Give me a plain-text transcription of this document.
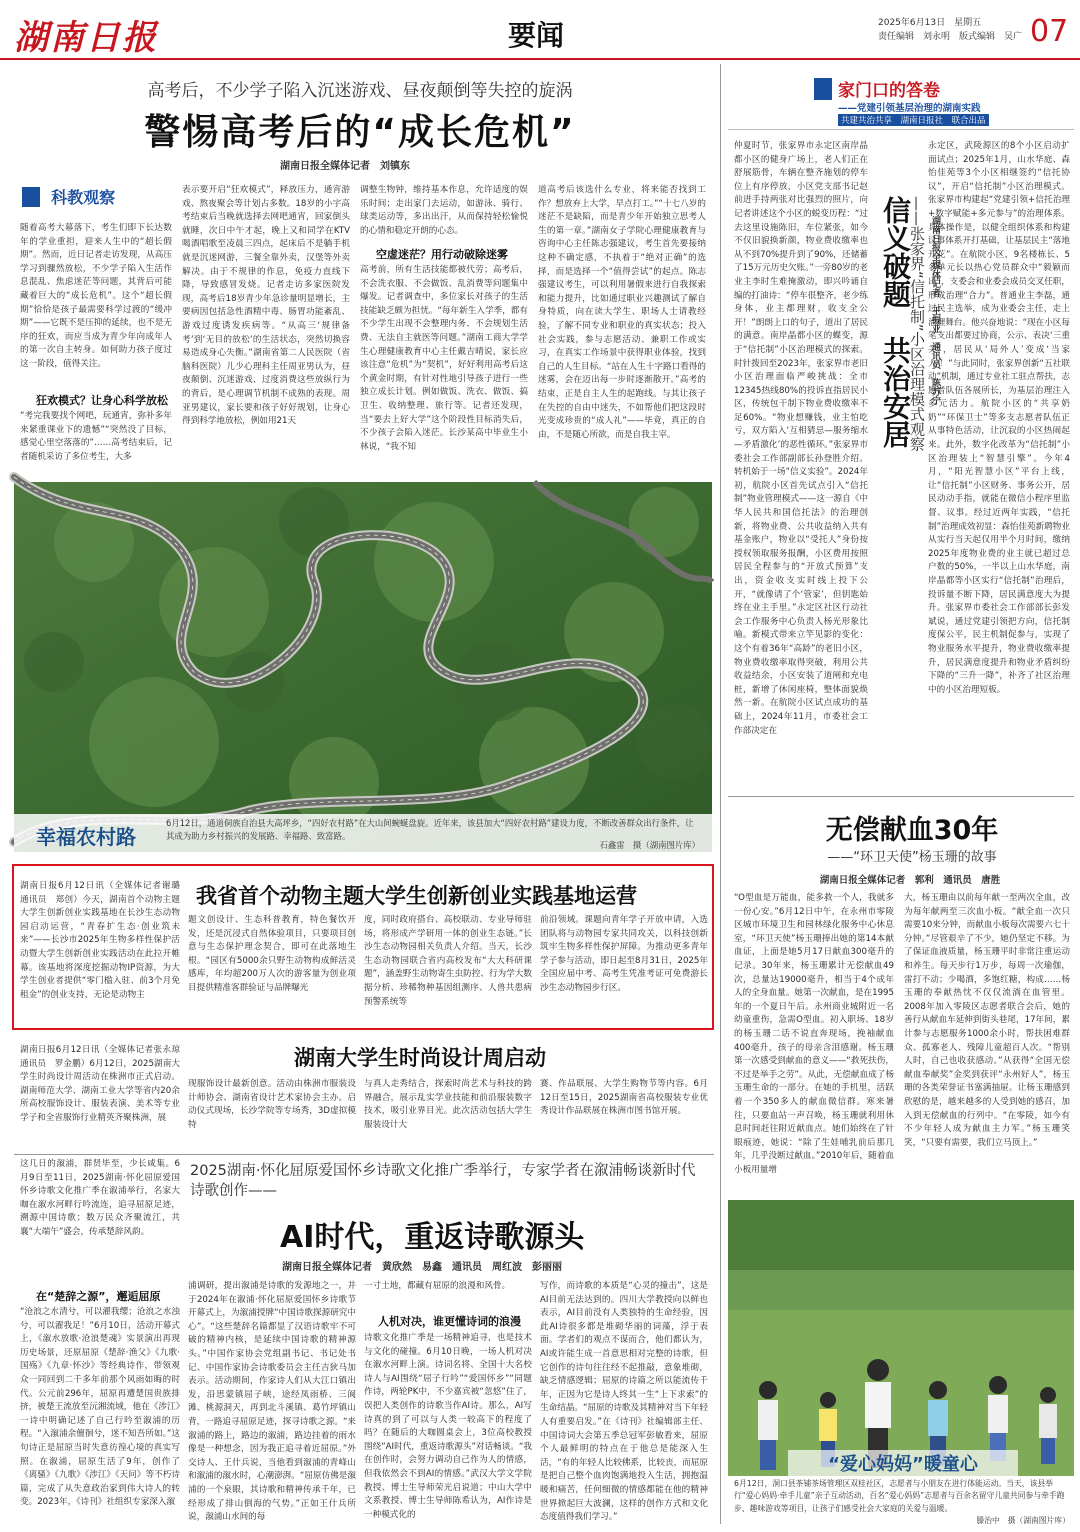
湖南日报	要闻	2025年6月13日　星期五
责任编辑　刘永明　版式编辑　吴广 07
高考后，不少学子陷入沉迷游戏、昼夜颠倒等失控的旋涡
警惕高考后的“成长危机”
湖南日报全媒体记者　刘镇东
科教观察
随着高考大幕落下，考生们即下长达数年的学业重担，迎来人生中的“超长假期”。然而，近日记者走访发现，从高压学习到骤然放松，不少学子陷入生活作息混乱、焦虑迷茫等问题，其背后可能藏着巨大的“成长危机”。这个“超长假期”恰恰是孩子最需要科学过渡的“缓冲期”——它既不是压抑的延续，也不是无序的狂欢，而应当成为青少年向成年人的第一次自主转身。如何助力孩子度过这一阶段，值得关注。
狂欢模式？让身心科学放松
“考完我要找个网吧，玩通宵，弥补多年来紧重课业下的遗憾”“突然没了目标，感觉心里空落落的”……高考结束后，记者随机采访了多位考生，大多
表示要开启“狂欢模式”，释放压力，通宵游戏、熬夜聚会等计划占多数。18岁的小宇高考结束后当晚就选择去网吧通宵，回家倒头就睡，次日中午才起，晚上又和同学在KTV喝酒唱歌至凌晨三四点，起床后不是躺手机就是沉迷网游，三餐全靠外卖，汉堡等外卖解决。由于不规律的作息，免疫力直线下降，导致感冒发烧。记者走访多家医院发现，高考后18岁青少年急诊量明显增长，主要病因包括急性酒精中毒、肠胃功能紊乱、游戏过度诱发疾病等。“从高三‘规律备考’到‘无目的放松’的生活状态，突然切换容易造成身心失衡。”湖南省第二人民医院（省脑科医院）儿少心理科主任周亚男认为，昼夜颠倒、沉迷游戏、过度消费这些放纵行为的背后，是心理调节机制不成熟的表现。周亚男建议，家长要和孩子好好规划，让身心得到科学地放松，例如用21天
调整生物钟，维持基本作息，允许适度的娱乐时间；走出家门去运动，如游泳、骑行、球类运动等，多出出汗，从而保持轻松愉悦的心情和稳定开朗的心态。
空虚迷茫？用行动破除迷雾
高考前，所有生活技能都被代劳；高考后，不会洗衣服、不会做饭、乱消费等问题集中爆发。记者调查中，多位家长对孩子的生活技能缺乏颇为担忧。“每年新生入学季，都有不少学生出现不会整理内务、不会规划生活费、无法自主就医等问题。”湖南工商大学学生心理健康教育中心主任戴吉晴说，家长应该注意“危机”为“契机”，好好利用高考后这个黄金时期，有针对性地引导孩子进行一些独立成长计划。例如做饭、洗衣、做饭、搞卫生、收纳整理、旅行等。记者还发现，当“要去上好大学”这个阶段性目标消失后，不少孩子会陷入迷茫。长沙某高中毕业生小林说，“我不知
道高考后该选什么专业，将来能否找到工作？想放弃上大学，早点打工。”“十七八岁的迷茫不是缺陷，而是青少年开始独立思考人生的第一章。”湖南女子学院心理健康教育与咨询中心主任陈志强建议，考生首先要接纳这种不确定感，不执着于“绝对正确”的选择，而是选择一个“值得尝试”的起点。陈志强建议考生，可以利用暑假来进行自我探索和能力提升，比如通过职业兴趣测试了解自身特质，向在读大学生、职场人士请教经验，了解不同专业和职业的真实状态；投入社会实践，参与志愿活动、兼职工作或实习，在真实工作场景中获得职业体验，找到自己的人生目标。“站在人生十字路口看得的迷雾，会在迈出每一步时逐渐散开。”高考的结束，正是自主人生的起跑线。与其让孩子在失控的自由中迷失，不如帮他们把这段时光变成珍贵的“成人礼”——毕竟，真正的自由，不是随心所欲，而是自我主宰。
幸福农村路
6月12日，通道侗族自治县大高坪乡，“四好农村路”在大山间蜿蜒盘旋。近年来，该县加大“四好农村路”建设力度，不断改善群众出行条件，让其成为助力乡村振兴的发展路、幸福路、致富路。
石鑫雷　摄（湖南图片库）
我省首个动物主题大学生创新创业实践基地运营
湖南日报6月12日讯（全媒体记者谢璐　通讯员　郑创）今天，湖南首个动物主题大学生创新创业实践基地在长沙生态动物园启动运营，“青春扩生态·创业筑未来”——长沙市2025年生物多样性保护活动暨大学生创新创业实践活动在此拉开帷幕。该基地将深度挖掘动物IP资源，为大学生创业者提供“零门槛入驻、前3个月免租金”的创业支持，无论是动物主
题文创设计、生态科普教育，特色餐饮开发，还是沉浸式自然体验项目，只要项目创意与生态保护理念契合，即可在此落地生根。“园区有5000余只野生动物构成鲜活灵感库，年均超200万人次的游客量为创业项目提供精准客群验证与品牌曝光
度，同时政府搭台、高校联动、专业导师驻场，将形成产学研用一体的创业生态链。”长沙生态动物园相关负责人介绍。当天，长沙生态动物园联合省内高校发布“大大科研课题”，涵盖野生动物寄生虫防控、行为学大数据分析、珍稀物种基因组测序、人兽共患病预警系统等
前沿领域。课题向青年学子开放申请，入选团队将与动物园专家共同攻关，以科技创新筑牢生物多样性保护屏障。为推动更多青年学子参与活动，即日起至8月31日，2025年全国应届中考、高考生凭准考证可免费游长沙生态动物园步行区。
湖南大学生时尚设计周启动
湖南日报6月12日讯（全媒体记者张永琼　通讯员　罗金鹏）6月12日，2025湖南大学生时尚设计周活动在株洲市正式启动。湖南师范大学、湖南工业大学等省内20余所高校服饰设计、服装表演、美术等专业学子和全省服饰行业精英齐聚株洲，展
现服饰设计最新创意。活动由株洲市服装设计师协会、湖南省设计艺术家协会主办。启动仪式现场，长沙学院等专场秀，3D虚拟模特
与真人走秀结合，探索时尚艺术与科技的跨界融合，展示乱实学业技能和前沿服装数字技术，吸引业界目光。此次活动包括大学生服装设计大
赛、作品联展、大学生购物节等内容。6月12日至15日，2025湖南省高校服装专业优秀设计作品联展在株洲市图书馆开展。
2025湖南·怀化屈原爱国怀乡诗歌文化推广季举行，专家学者在溆浦畅谈新时代诗歌创作——
AI时代，重返诗歌源头
湖南日报全媒体记者　黄欣然　易鑫　通讯员　周红波　彭丽丽
这几日的溆浦，群贤毕至，少长咸集。6月9日至11日，2025湖南·怀化屈原爱国怀乡诗歌文化推广季在溆浦举行，名家大咖在溆水河畔行吟流连，追寻屈原足迹，溯源中国诗歌；数万民众齐聚流江，共襄“大端午”盛会，传承楚辞风韵。
在“楚辞之源”，邂逅屈原
“沧浪之水清兮，可以濯我缨；沧浪之水浊兮，可以濯我足！”6月10日，活动开幕式上，《溆水放歌·沧浪楚魂》实景演出再现历史场景，还原屈原《楚辞·渔父》《九歌·国殇》《九章·怀沙》等经典诗作，带领观众一同回到二千多年前那个风雨如晦的时代。公元前296年，屈原再遭楚国贵族排挤，被楚王流放至沅湘流域，他在《涉江》一诗中明确记述了自己行吟至溆浦的历程。“入溆浦余儃徊兮，迷不知吾所如。”这句诗正是屈原当时失意彷徨心境的真实写照。在溆浦，屈原生活了9年，创作了《离骚》《九歌》《涉江》《天问》等不朽诗篇，完成了从失意政治家到伟大诗人的转变。2023年，《诗刊》社组织专家深入溆
浦调研，提出溆浦是诗歌的发源地之一，并于2024年在溆浦·怀化屈原爱国怀乡诗歌节开幕式上，为溆浦授牌“中国诗歌探源研究中心”。“这些楚辞名篇都显了汉语诗歌牢不可破的精神内核，是延续中国诗歌的精神源头。”中国作家协会党组副书记、书记处书记、中国作家协会诗歌委员会主任吉狄马加表示。活动期间，作家诗人们从大江口镇出发，沿思蒙镇屈子峡，途经凤雨桥、三阆滩、桃源洞天，再到北斗溪镇、葛竹坪镇山背，一路追寻屈原足迹，探寻诗歌之源。“来溆浦的路上，路边的溆浦，路边挂着的雨水像是一种想念，因为我正追寻着近屈原。”外交诗人、王什兵说，当他看到溆浦的青峰山和溆浦的溆水时，心潮澎湃。“屈原仿佛是溆浦的一个泉眼，其诗歌和精神传承千年，已经形成了排山倒海的气势。”正如王什兵所说，溆浦山水间的每
一寸土地，都藏有屈原的浪漫和风骨。
人机对决，谁更懂诗词的浪漫
诗歌文化推广季是一场精神追寻，也是技术与文化的碰撞。6月10日晚，一场人机对决在溆水河畔上演。诗词名将、全国十大名校诗人与AI围绕“屈子行吟”“爱国怀乡”“同题作诗，两轮PK中，不少嘉宾被“忽悠”住了，误把人类创作的诗歌当作AI诗。那么，AI写诗真的到了可以与人类一较高下的程度了吗？在随后的大咖圆桌会上，3位高校教授围绕“AI时代，重返诗歌源头”对话畅谈。“我在创作时，会努力调动自己作为人的情感，但我依然会不到AI的情感。”武汉大学文学院教授、博士生导师荣光启说道；中山大学中文系教授、博士生导师陈希认为，AI作诗是一种模式化的
写作，而诗歌的本质是“心灵的撞击”，这是AI目前无法达到的。四川大学教授向以鲜也表示，AI目前没有人类独特的生命经验，因此AI诗很多都是堆砌华丽的词藻，浮于表面。学者们的观点不谋而合，他们都认为，AI或许能生成一首意思相对完整的诗歌，但它创作的诗句往往经不起推敲，意象堆砌，缺乏情感逻辑；屈原的诗篇之所以能流传千年，正因为它是诗人终其一生“上下求索”的生命结晶。“屈原的诗歌及其精神对当下年轻人有重要启发。”在《诗刊》社编辑部主任、中国诗词大会第五季总冠军彭敏看来，屈原个人最鲜明的特点在于他总是能深入生活，“有的年轻人比较佛系，比较丧，而屈原是把自己整个血肉饱满地投入生活，拥抱温暖和痛苦，任何细微的情感都能在他的精神世界掀起巨大波澜，这样的创作方式和文化态度值得我们学习。”
家门口的答卷
——党建引领基层治理的湖南实践
共建共治共享　湖南日报社　联合出品
仲夏时节，张家界市永定区南岸晶都小区的健身广场上，老人们正在舒展筋骨，车辆在整齐施划的停车位上有序停放，小区党支部书记赵前进手持两张对比强烈的照片，向记者讲述这个小区的蜕变历程：“过去这里设施陈旧，车位紧张，如今不仅旧貌换新颜，物业费收缴率也从不到70%提升到了90%，还储蓄了15万元历史欠账。”一旁80岁的老业主李时生难掩激动，即兴吟诵自编的打油诗：“停车很整齐，老少练身体，业主都理财，收支全公开！”朗朗上口的句子，道出了居民的满意。南岸晶都小区的蝶变，源于“信托制”小区治理模式的探索。时针拨回至2023年，张家界市老旧小区治理面临严峻挑战：全市12345热线80%的投诉直指居民小区，传统包干制下物业费收缴率不足60%。“物业想赚钱，业主怕吃亏，双方陷入‘互相猜忌—服务缩水—矛盾激化’的恶性循环。”张家界市委社会工作部副部长孙登胜介绍。转机始于一场“信义实验”。2024年初，航院小区首先试点引入“信托制”物业管理模式——这一源自《中华人民共和国信托法》的治理创新，将物业费、公共收益纳入共有基金账户，物业以“受托人”身份按授权领取服务报酬，小区费用按照居民全程参与的“开放式预算”支出，资金收支实时线上投下公开，“就像请了个‘管家’，但钥匙始终在业主手里。”永定区社区行动社会工作服务中心负责人杨光形象比喻。新模式带来立竿见影的变化：这个有着36年“高龄”的老旧小区，物业费收缴率取得突破，利用公共收益结余，小区安装了道闸和充电桩，新增了休闲座椅，整体面貌焕然一新。在航院小区试点成功的基础上，2024年11月，市委社会工作部决定在
信义破题　共治安居
——张家界“信托制”小区治理模式观察 湖南日报全媒体记者　王振亚　通讯员　陈苏宁
永定区，武陵源区的8个小区启动扩面试点；2025年1月，山水华庭、森怡佳苑等3个小区相继签约“信托协议”，开启“信托制”小区治理模式。张家界市构建起“党建引领+信托治理+数字赋能+多元参与”的治理体系。具体操作是，以健全组织体系和构建议事体系开打基础，让基层民主“落地开花”。在航院小区，9名楼栋长、5名单元长以热心党员群众中“毅颖而出”，支委会和业委会成员交叉任职，形成治理“合力”。普通业主李磊，通过民主选举，成为业委会主任，走上治理舞台。他兴奋地说：“现在小区每笔支出都要过协商，公示、表决‘三重关’，居民从‘局外人’变成‘当家人’！”与此同时，张家界创新“五社联动”机制，通过专业社工驻点帮扶，志愿者队伍各展所长，为基层治理注入多元活力。航院小区的“共享奶奶”“环保卫士”等多支志愿者队伍正从事特色活动，让沉寂的小区热闹起来。此外，数字化改革为“信托制”小区治理装上“智慧引擎”。今年4月，“阳光智慧小区”平台上线，让“信托制”小区财务、事务公开，居民动动手指，就能在微信小程序里监督、议事。经过近两年实践，“信托制”治理成效初显：森怡佳苑新聘物业从实行当天起仅用半个月时间，缴纳2025年度物业费的业主就已超过总户数的50%，一半以上山水华庭，南岸晶都等小区实行“信托制”治理后，投诉量不断下降，居民满意度大为提升。张家界市委社会工作部部长彭发斌说，通过党建引领把方向，信托制度保公平，民主机制促参与，实现了物业服务水平提升，物业费收缴率提升，居民满意度提升和物业矛盾纠纷下降的“三升一降”，补齐了社区治理中的小区治理短板。
无偿献血30年
——“环卫天使”杨玉珊的故事
湖南日报全媒体记者　郭利　通讯员　唐胜
“O型血是万能血，能多救一个人，我就多一份心安。”6月12日中午，在永州市零陵区城市环境卫生和园林绿化服务中心休息室，“环卫天使”杨玉珊捧出她的第14本献血证，上面是她5月17日献血300毫升的记录。30年来，杨玉珊累计无偿献血49次，总量达19000毫升，相当于4个成年人的全身血量。她第一次献血，是在1995年的一个夏日午后。永州商业城附近一名幼童重伤，急需O型血。初入职场、18岁的杨玉珊二话不说直奔现场，挽袖献血400毫升，孩子的母亲含泪感谢。杨玉珊第一次感受到献血的意义——“救死扶伤，不过是举手之劳”。从此，无偿献血成了杨玉珊生命的一部分。在她的手机里，活跃着一个350多人的献血微信群。寒来暑往，只要血站一声召唤，杨玉珊就利用休息时间赶往附近献血点。她们始终在了针眼痕迹，她说：“除了生娃哺乳前后那几年，几乎没断过献血。”2010年后，随着血小板用量增
大，杨玉珊由以前每年献一至两次全血，改为每年献两至三次血小板。“献全血一次只需要10来分钟，而献血小板每次需要六七十分钟。”尽管艰辛了不少，她仍坚定不移。为了保证血液质量，杨玉珊平时非常注重运动和养生。每天步行1万步，每周一次瑜伽，雷打不动；少喝酒，多饱红糖，构成……杨玉珊的奉献热忱不仅仅流淌在血管里。2008年加入零陵区志愿者联合会后，她的善行从献血车延伸到街头巷尾，17年间，累计参与志愿服务1000余小时，帮扶困难群众、孤寡老人、残障儿童超百人次。“帮别人时，自己也收获感动。”从获得“全国无偿献血奉献奖”金奖到获评“永州好人”，杨玉珊的各类荣誉证书塞满抽屉。让杨玉珊感到欣慰的是，越来越多的人受到她的感召，加入到无偿献血的行列中。“在零陵，如今有不少年轻人成为献血主力军。”杨玉珊笑笑，“只要有需要，我们立马顶上。”
“爱心妈妈”暖童心
6月12日，洞口县茶铺茶场管理区双桂社区，志愿者与小朋友在进行体能运动。当天，该县举行“爱心妈妈·牵手儿童”亲子互动活动，百名“爱心妈妈”志愿者与百余名留守儿童共同参与牵手跑步、趣味游戏等项目，让孩子们感受社会大家庭的关爱与温暖。
滕治中　摄（湖南图片库）
